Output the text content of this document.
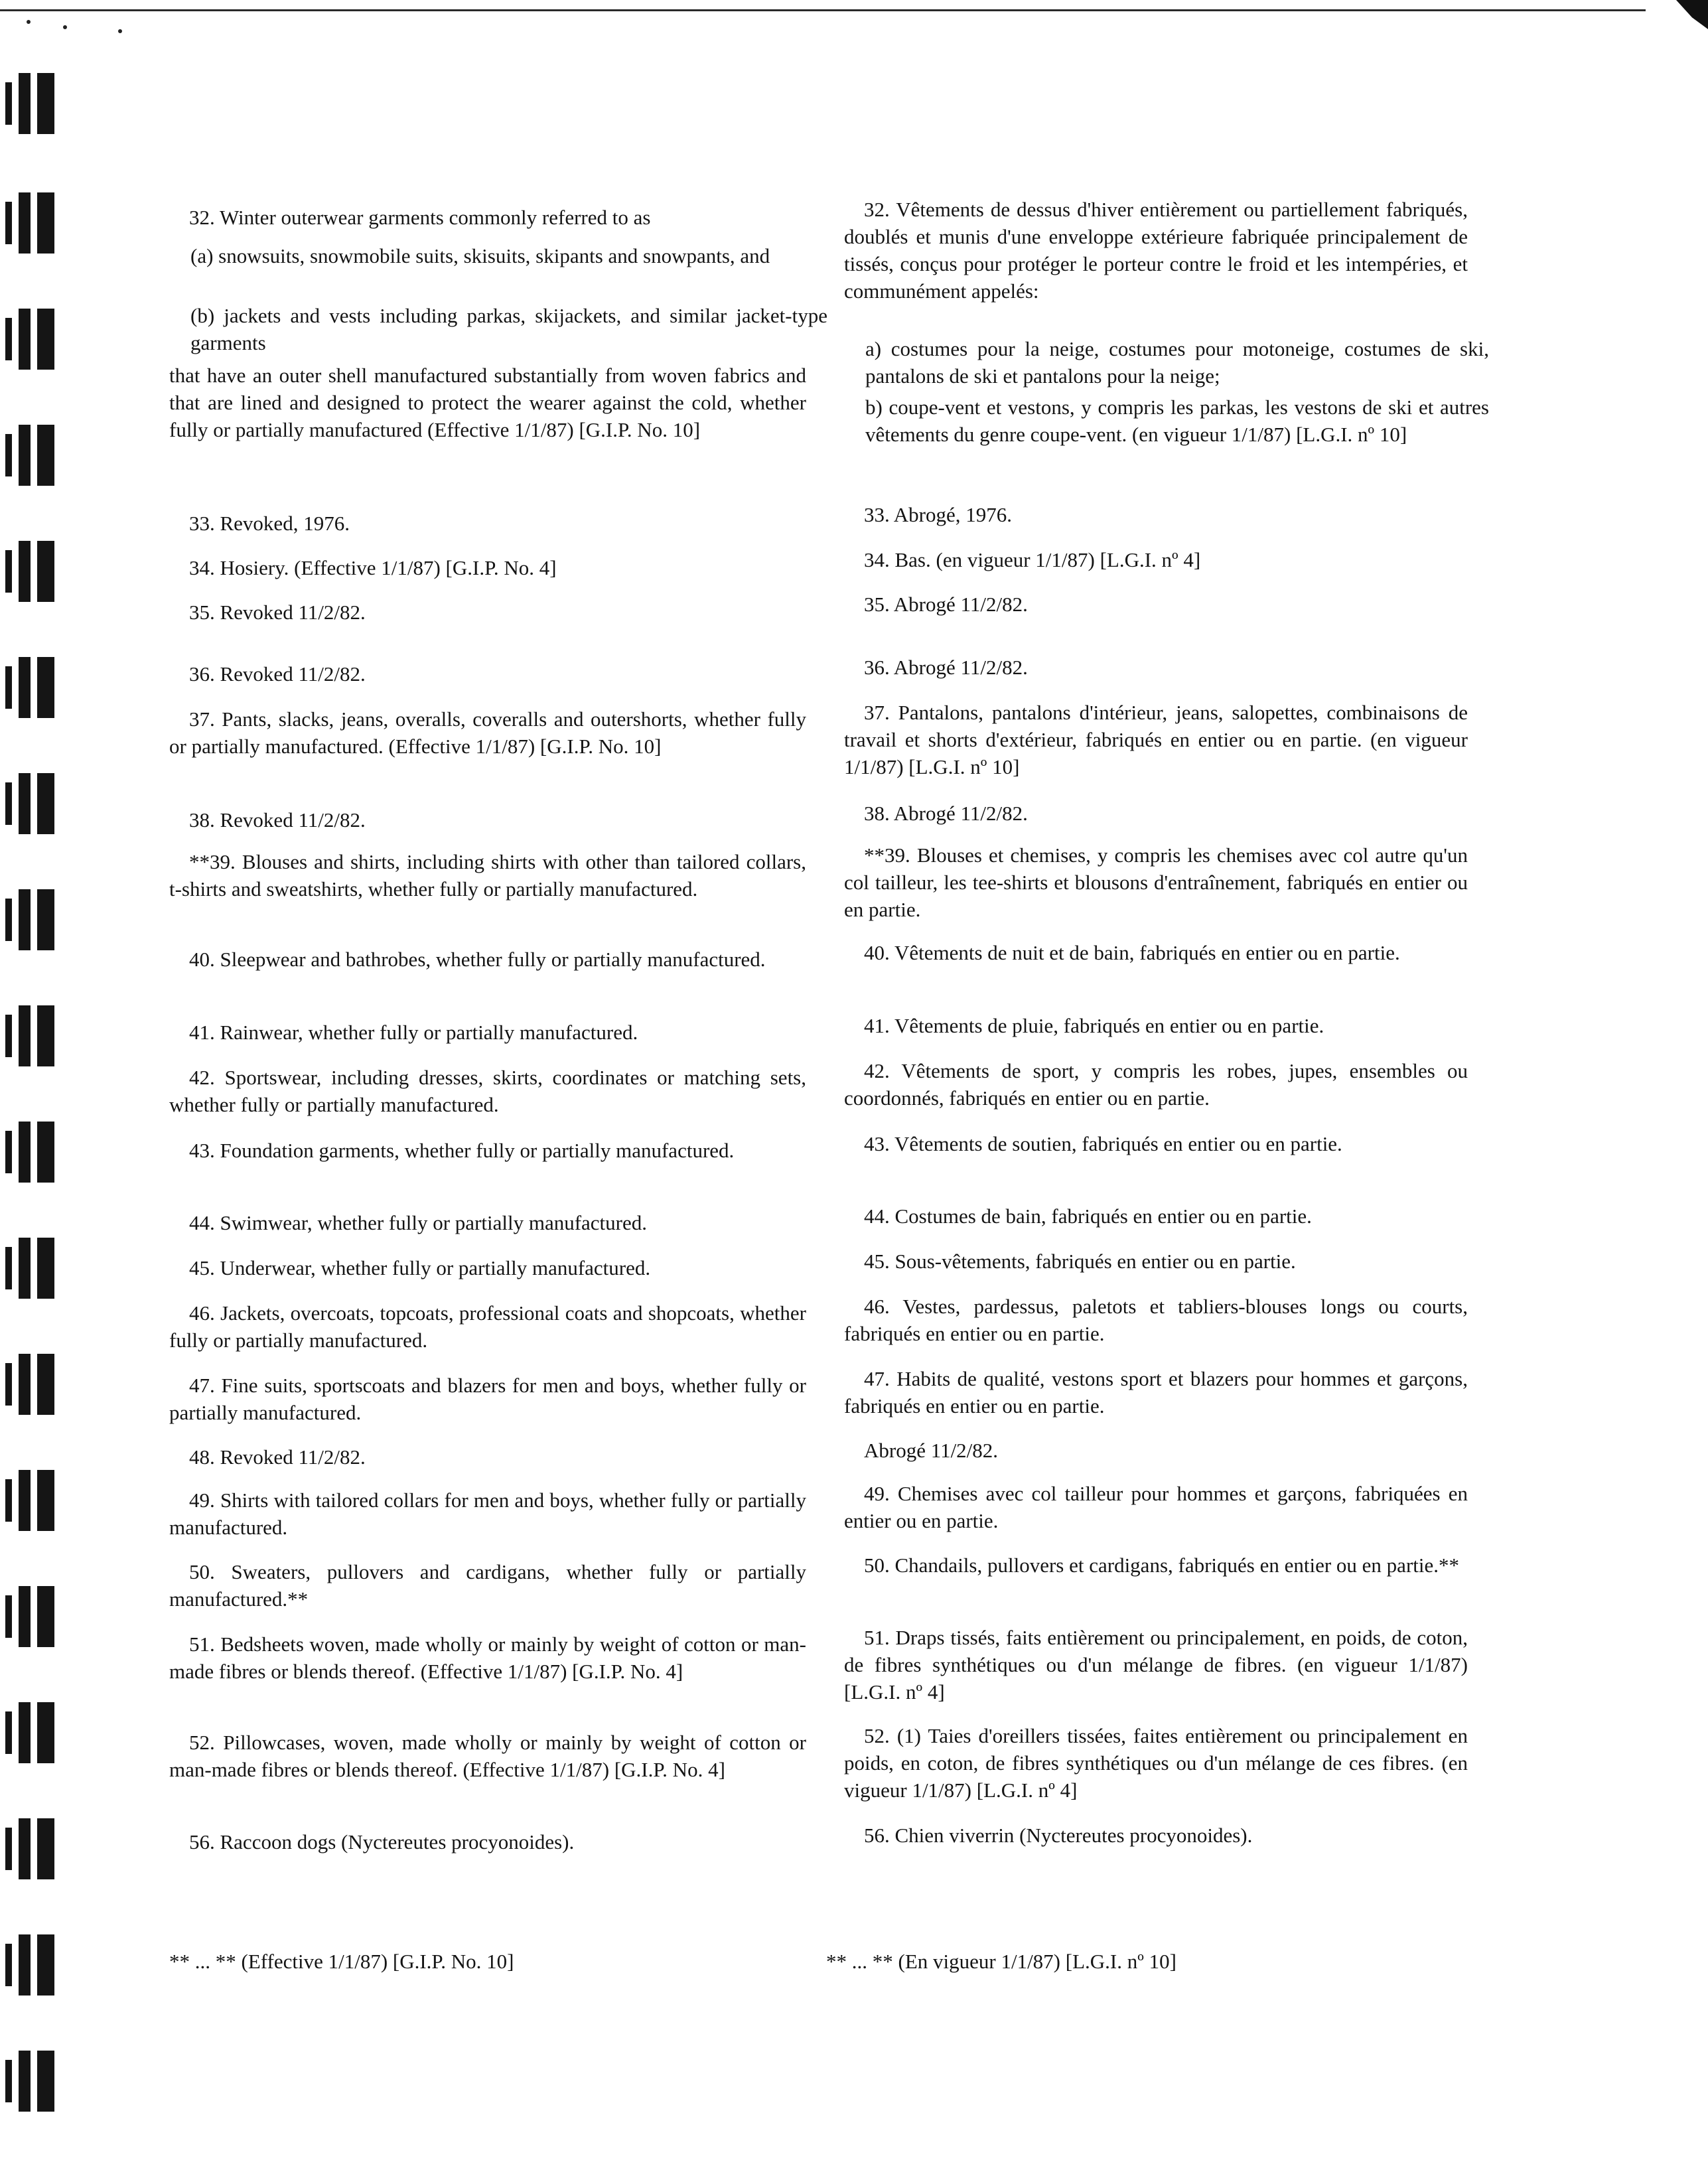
32. Winter outerwear garments commonly referred to as

(a) snowsuits, snowmobile suits, skisuits, skipants and snowpants, and

(b) jackets and vests including parkas, skijackets, and similar jacket-type garments

that have an outer shell manufactured substantially from woven fabrics and that are lined and designed to protect the wearer against the cold, whether fully or partially manufactured (Effective 1/1/87) [G.I.P. No. 10]

33. Revoked, 1976.

34. Hosiery. (Effective 1/1/87) [G.I.P. No. 4]

35. Revoked 11/2/82.

36. Revoked 11/2/82.

37. Pants, slacks, jeans, overalls, coveralls and outershorts, whether fully or partially manufactured. (Effective 1/1/87) [G.I.P. No. 10]

38. Revoked 11/2/82.

**39. Blouses and shirts, including shirts with other than tailored collars, t-shirts and sweatshirts, whether fully or partially manufactured.

40. Sleepwear and bathrobes, whether fully or partially manufactured.

41. Rainwear, whether fully or partially manufactured.

42. Sportswear, including dresses, skirts, coordinates or matching sets, whether fully or partially manufactured.

43. Foundation garments, whether fully or partially manufactured.

44. Swimwear, whether fully or partially manufactured.

45. Underwear, whether fully or partially manufactured.

46. Jackets, overcoats, topcoats, professional coats and shopcoats, whether fully or partially manufactured.

47. Fine suits, sportscoats and blazers for men and boys, whether fully or partially manufactured.

48. Revoked 11/2/82.

49. Shirts with tailored collars for men and boys, whether fully or partially manufactured.

50. Sweaters, pullovers and cardigans, whether fully or partially manufactured.**

51. Bedsheets woven, made wholly or mainly by weight of cotton or man-made fibres or blends thereof. (Effective 1/1/87) [G.I.P. No. 4]

52. Pillowcases, woven, made wholly or mainly by weight of cotton or man-made fibres or blends thereof. (Effective 1/1/87) [G.I.P. No. 4]

56. Raccoon dogs (Nyctereutes procyonoides).

32. Vêtements de dessus d'hiver entièrement ou partiellement fabriqués, doublés et munis d'une enveloppe extérieure fabriquée principalement de tissés, conçus pour protéger le porteur contre le froid et les intempéries, et communément appelés:

a) costumes pour la neige, costumes pour motoneige, costumes de ski, pantalons de ski et pantalons pour la neige;

b) coupe-vent et vestons, y compris les parkas, les vestons de ski et autres vêtements du genre coupe-vent. (en vigueur 1/1/87) [L.G.I. nº 10]

33. Abrogé, 1976.

34. Bas. (en vigueur 1/1/87) [L.G.I. nº 4]

35. Abrogé 11/2/82.

36. Abrogé 11/2/82.

37. Pantalons, pantalons d'intérieur, jeans, salopettes, combinaisons de travail et shorts d'extérieur, fabriqués en entier ou en partie. (en vigueur 1/1/87) [L.G.I. nº 10]

38. Abrogé 11/2/82.

**39. Blouses et chemises, y compris les chemises avec col autre qu'un col tailleur, les tee-shirts et blousons d'entraînement, fabriqués en entier ou en partie.

40. Vêtements de nuit et de bain, fabriqués en entier ou en partie.

41. Vêtements de pluie, fabriqués en entier ou en partie.

42. Vêtements de sport, y compris les robes, jupes, ensembles ou coordonnés, fabriqués en entier ou en partie.

43. Vêtements de soutien, fabriqués en entier ou en partie.

44. Costumes de bain, fabriqués en entier ou en partie.

45. Sous-vêtements, fabriqués en entier ou en partie.

46. Vestes, pardessus, paletots et tabliers-blouses longs ou courts, fabriqués en entier ou en partie.

47. Habits de qualité, vestons sport et blazers pour hommes et garçons, fabriqués en entier ou en partie.

Abrogé 11/2/82.

49. Chemises avec col tailleur pour hommes et garçons, fabriquées en entier ou en partie.

50. Chandails, pullovers et cardigans, fabriqués en entier ou en partie.**

51. Draps tissés, faits entièrement ou principalement, en poids, de coton, de fibres synthétiques ou d'un mélange de fibres. (en vigueur 1/1/87) [L.G.I. nº 4]

52. (1) Taies d'oreillers tissées, faites entièrement ou principalement en poids, en coton, de fibres synthétiques ou d'un mélange de ces fibres. (en vigueur 1/1/87) [L.G.I. nº 4]

56. Chien viverrin (Nyctereutes procyonoides).

** ... ** (Effective 1/1/87) [G.I.P. No. 10]	** ... ** (En vigueur 1/1/87) [L.G.I. nº 10]
